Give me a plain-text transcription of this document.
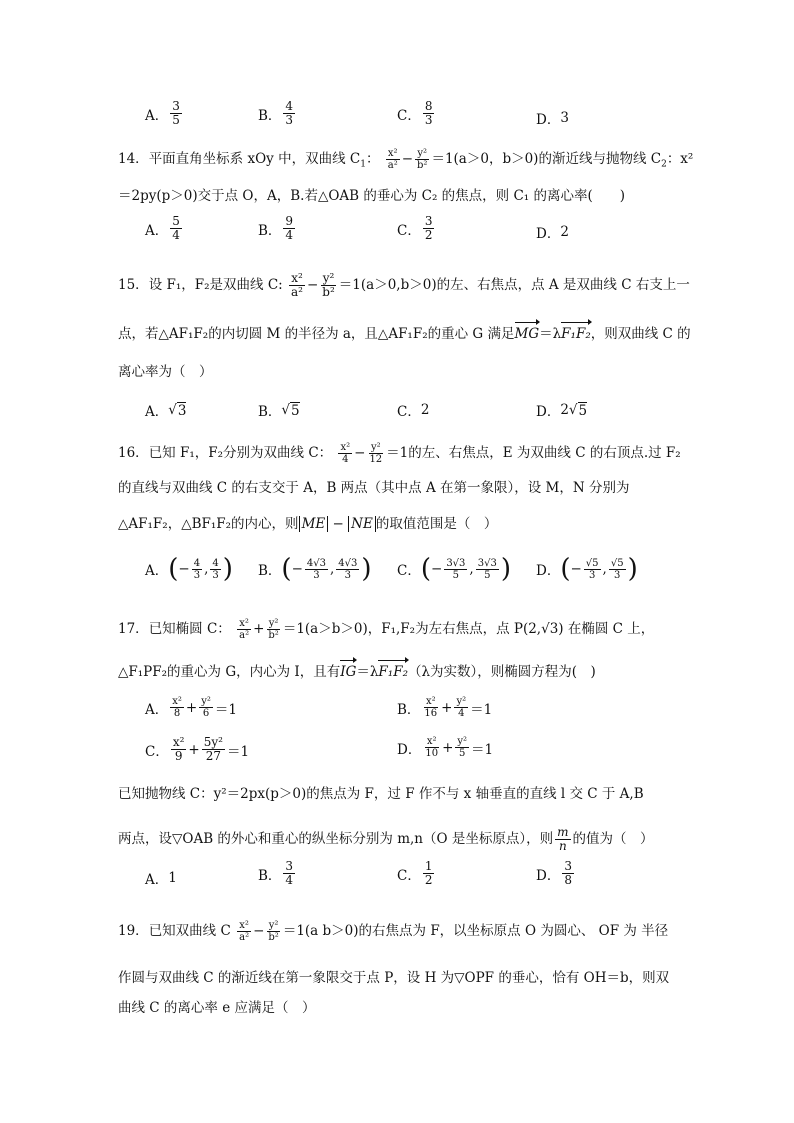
A． $\frac{3}{5}$	B． $\frac{4}{3}$	C． $\frac{8}{3}$	D． 3
14．平面直角坐标系 xOy 中，双曲线 $C_1$： $\frac{\text{x²}}{\text{a²}} - \frac{\text{y²}}{\text{b²}} =1(a>0$，b＞0)的渐近线与抛物线 $C_2$：x²
＝2py(p＞0)交于点 O，A，B.若△OAB 的垂心为 C₂ 的焦点，则 C₁ 的离心率(　　)
A． $\frac{5}{4}$	B． $\frac{9}{4}$	C． $\frac{3}{2}$	D． 2
15．设 F₁，F₂是双曲线 C: $\frac{\text{x²}}{\text{a²}} - \frac{\text{y²}}{\text{b²}} =1(a>0,b>0)$的左、右焦点，点 A 是双曲线 C 右支上一
点，若△AF₁F₂的内切圆 M 的半径为 a，且△AF₁F₂的重心 G 满足MG＝λF₁F₂，则双曲线 C 的
离心率为（　）
A． √ 3	B． √ 5	C． 2	D． 2 √ 5
16．已知 F₁，F₂分别为双曲线 C： $\frac{\text{x²}}{4} - \frac{\text{y²}}{12} =1$的左、右焦点，E 为双曲线 C 的右顶点.过 F₂
的直线与双曲线 C 的右支交于 A，B 两点（其中点 A 在第一象限），设 M，N 分别为
△AF₁F₂，△BF₁F₂的内心，则 ME − NE 的取值范围是（　）
A． ( − $\frac{4}{3}$ , $\frac{4}{3}$ ) B． ( − $\frac{4√3}{3}$ , $\frac{4√3}{3}$ ) C． ( − $\frac{3√3}{5}$ , $\frac{3√3}{5}$ ) D． ( − $\frac{√5}{3}$ , $\frac{√5}{3}$ )
17．已知椭圆 C： $\frac{\text{x²}}{\text{a²}} + \frac{\text{y²}}{\text{b²}} =1(a>b>0)$，F₁,F₂为左右焦点，点 P(2,√3) 在椭圆 C 上，
△F₁PF₂的重心为 G，内心为 I，且有IG＝λF₁F₂（λ为实数），则椭圆方程为(　)
A． $\frac{\text{x²}}{8} + \frac{\text{y²}}{6} =1$	B． $\frac{\text{x²}}{16} + \frac{\text{y²}}{4} =1$
C． $\frac{\text{x²}}{9} + \frac{\text{5y²}}{27} =1$	D． $\frac{\text{x²}}{10} + \frac{\text{y²}}{5} =1$
已知抛物线 C：y²＝2px(p＞0)的焦点为 F，过 F 作不与 x 轴垂直的直线 l 交 C 于 A,B
两点，设▽OAB 的外心和重心的纵坐标分别为 m,n（O 是坐标原点），则 $\frac{m}{n}$ 的值为（　）
A． 1	B． $\frac{3}{4}$	C． $\frac{1}{2}$	D． $\frac{3}{8}$
19．已知双曲线 C $\frac{\text{x²}}{\text{a²}} - \frac{\text{y²}}{\text{b²}} =1(a$ b＞0)的右焦点为 F，以坐标原点 O 为圆心、 OF 为 半径
作圆与双曲线 C 的渐近线在第一象限交于点 P，设 H 为▽OPF 的垂心，恰有 OH＝b，则双
曲线 C 的离心率 e 应满足（　）
